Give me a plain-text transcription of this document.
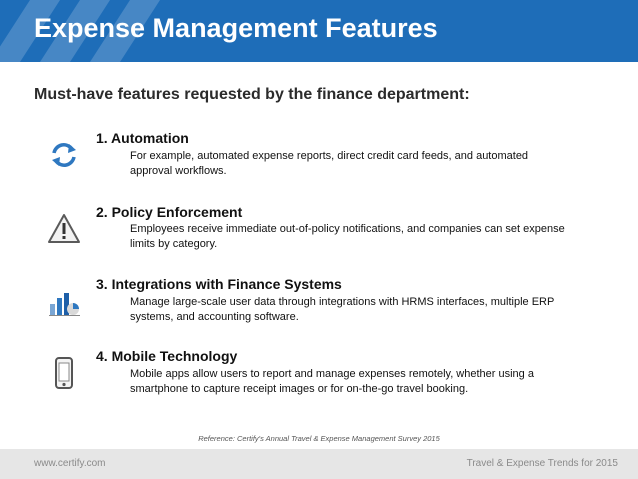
Expense Management Features
Must-have features requested by the finance department:
1. Automation
For example, automated expense reports, direct credit card feeds, and automated approval workflows.
2. Policy Enforcement
Employees receive immediate out-of-policy notifications, and companies can set expense limits by category.
3. Integrations with Finance Systems
Manage large-scale user data through integrations with HRMS interfaces, multiple ERP systems, and accounting software.
4. Mobile Technology
Mobile apps allow users to report and manage expenses remotely, whether using a smartphone to capture receipt images or for on-the-go travel booking.
Reference: Certify's Annual Travel & Expense Management Survey 2015
www.certify.com	Travel & Expense Trends for 2015
